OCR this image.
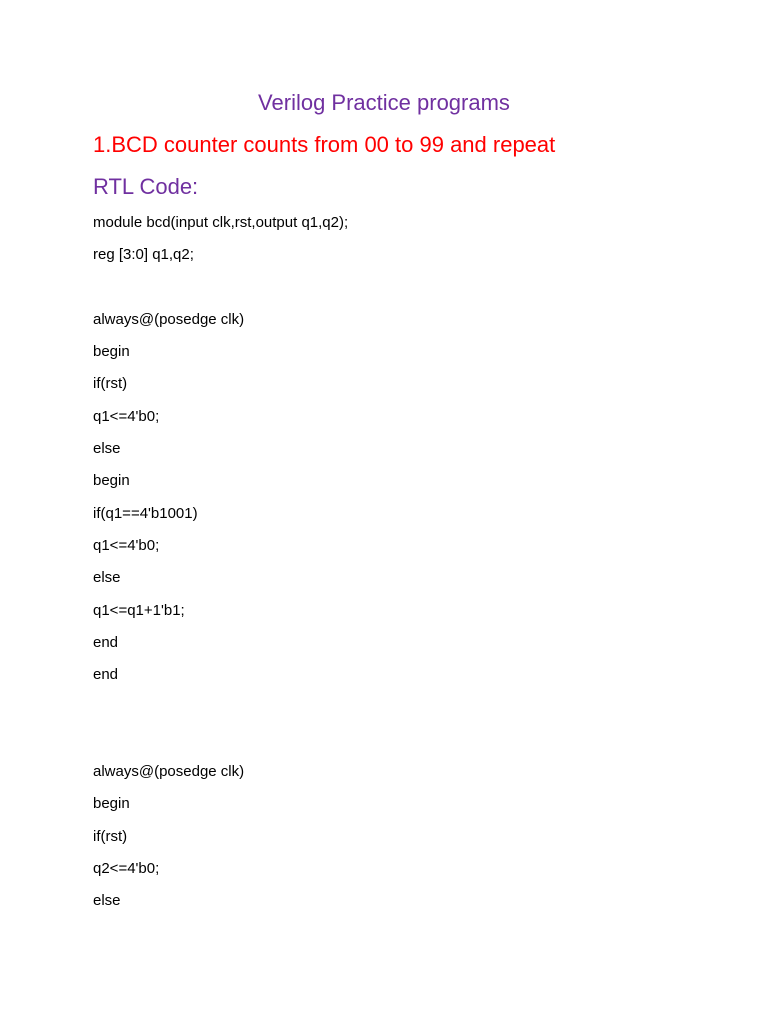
Verilog Practice programs
1.BCD counter counts from 00 to 99 and repeat
RTL Code:
module bcd(input clk,rst,output q1,q2);
reg [3:0] q1,q2;
always@(posedge clk)
begin
if(rst)
q1<=4'b0;
else
begin
if(q1==4'b1001)
q1<=4'b0;
else
q1<=q1+1'b1;
end
end
always@(posedge clk)
begin
if(rst)
q2<=4'b0;
else
